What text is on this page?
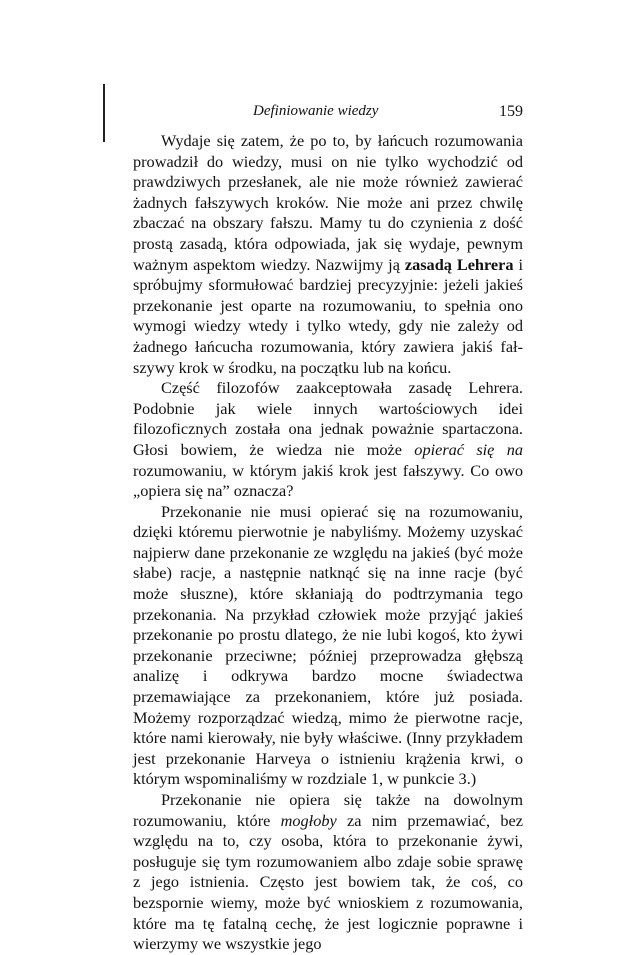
Definiowanie wiedzy	159

Wydaje się zatem, że po to, by łańcuch rozumowania prowadził do wiedzy, musi on nie tylko wychodzić od prawdziwych przesłanek, ale nie może również zawierać żadnych fałszywych kroków. Nie może ani przez chwilę zbaczać na obszary fałszu. Mamy tu do czynienia z dość prostą zasadą, która odpowiada, jak się wydaje, pewnym ważnym aspektom wiedzy. Nazwijmy ją zasadą Lehrera i spróbujmy sformułować bardziej precyzyjnie: jeżeli jakieś przekonanie jest oparte na rozumowaniu, to spełnia ono wymogi wiedzy wtedy i tylko wtedy, gdy nie zależy od żadnego łańcucha rozumowania, który zawiera jakiś fałszywy krok w środku, na początku lub na końcu.

Część filozofów zaakceptowała zasadę Lehrera. Podobnie jak wiele innych wartościowych idei filozoficznych została ona jednak poważnie spartaczona. Głosi bowiem, że wiedza nie może opierać się na rozumowaniu, w którym jakiś krok jest fałszywy. Co owo „opiera się na” oznacza?

Przekonanie nie musi opierać się na rozumowaniu, dzięki któremu pierwotnie je nabyliśmy. Możemy uzyskać najpierw dane przekonanie ze względu na jakieś (być może słabe) racje, a następnie natknąć się na inne racje (być może słuszne), które skłaniają do podtrzymania tego przekonania. Na przykład człowiek może przyjąć jakieś przekonanie po prostu dlatego, że nie lubi kogoś, kto żywi przekonanie przeciwne; później przeprowadza głębszą analizę i odkrywa bardzo mocne świadectwa przemawiające za przekonaniem, które już posiada. Możemy rozporządzać wiedzą, mimo że pierwotne racje, które nami kierowały, nie były właściwe. (Inny przykładem jest przekonanie Harveya o istnieniu krążenia krwi, o którym wspominaliśmy w rozdziale 1, w punkcie 3.)

Przekonanie nie opiera się także na dowolnym rozumowaniu, które mogłoby za nim przemawiać, bez względu na to, czy osoba, która to przekonanie żywi, posługuje się tym rozumowaniem albo zdaje sobie sprawę z jego istnienia. Często jest bowiem tak, że coś, co bezspornie wiemy, może być wnioskiem z rozumowania, które ma tę fatalną cechę, że jest logicznie poprawne i wierzymy we wszystkie jego
